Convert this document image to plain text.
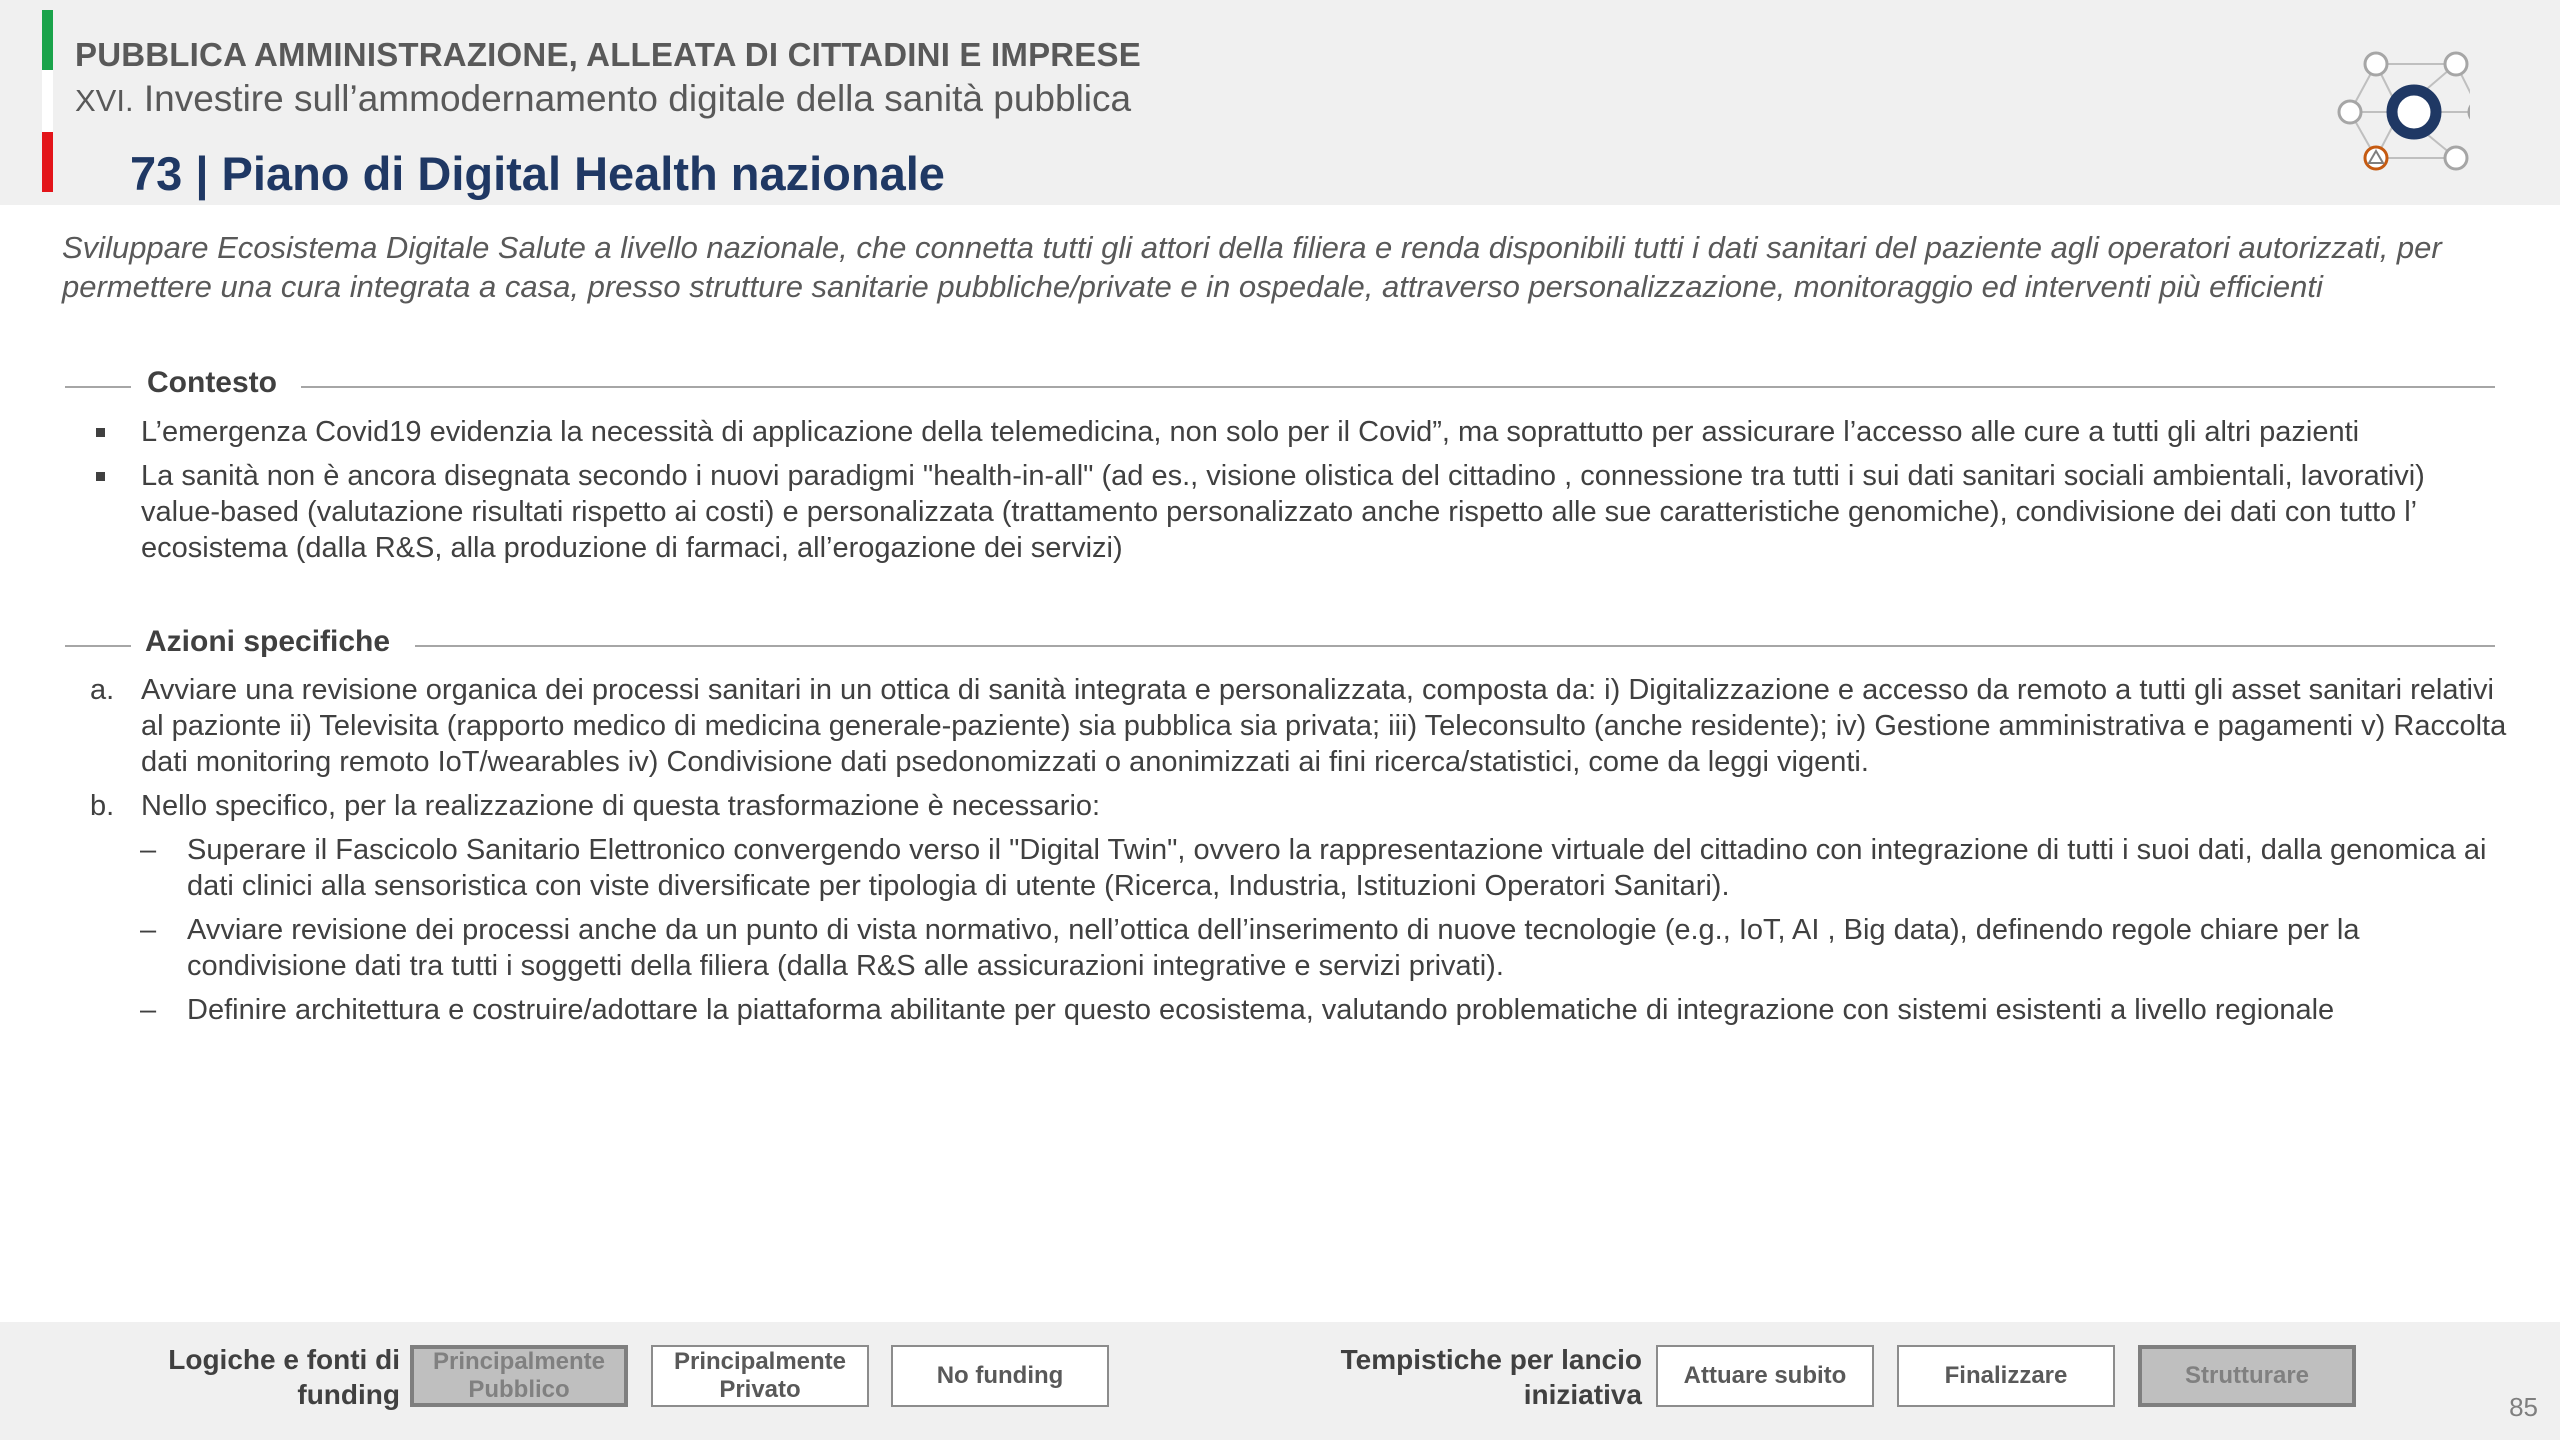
PUBBLICA AMMINISTRAZIONE, ALLEATA DI CITTADINI E IMPRESE
XVI. Investire sull’ammodernamento digitale della sanità pubblica
73 | Piano di Digital Health nazionale
Sviluppare Ecosistema Digitale Salute a livello nazionale, che connetta tutti gli attori della filiera e renda disponibili tutti i dati sanitari del paziente agli operatori autorizzati, per permettere una cura integrata a casa, presso strutture sanitarie pubbliche/private e in ospedale, attraverso personalizzazione, monitoraggio ed interventi più efficienti
Contesto
L’emergenza Covid19 evidenzia la necessità di applicazione della telemedicina, non solo per il Covid”, ma soprattutto per assicurare l’accesso alle cure a tutti gli altri pazienti
La sanità non è ancora disegnata secondo i nuovi paradigmi "health-in-all" (ad es., visione olistica del cittadino , connessione tra tutti i sui dati sanitari sociali ambientali, lavorativi) value-based (valutazione risultati rispetto ai costi) e personalizzata (trattamento personalizzato anche rispetto alle sue caratteristiche genomiche), condivisione dei dati con tutto l’ ecosistema (dalla R&S, alla produzione di farmaci, all’erogazione dei servizi)
Azioni specifiche
a. Avviare una revisione organica dei processi sanitari in un ottica di sanità integrata e personalizzata, composta da: i) Digitalizzazione e accesso da remoto a tutti gli asset sanitari relativi al pazionte ii) Televisita (rapporto medico di medicina generale-paziente) sia pubblica sia privata; iii) Teleconsulto (anche residente); iv) Gestione amministrativa e pagamenti v) Raccolta dati monitoring remoto IoT/wearables iv) Condivisione dati psedonomizzati o anonimizzati ai fini ricerca/statistici, come da leggi vigenti.
b. Nello specifico, per la realizzazione di questa trasformazione è necessario:
– Superare il Fascicolo Sanitario Elettronico convergendo verso il "Digital Twin", ovvero la rappresentazione virtuale del cittadino con integrazione di tutti i suoi dati, dalla genomica ai dati clinici alla sensoristica con viste diversificate per tipologia di utente (Ricerca, Industria, Istituzioni Operatori Sanitari).
– Avviare revisione dei processi anche da un punto di vista normativo, nell’ottica dell’inserimento di nuove tecnologie (e.g., IoT, AI , Big data), definendo regole chiare per la condivisione dati tra tutti i soggetti della filiera (dalla R&S alle assicurazioni integrative e servizi privati).
– Definire architettura e costruire/adottare la piattaforma abilitante per questo ecosistema, valutando problematiche di integrazione con sistemi esistenti a livello regionale
Logiche e fonti di
funding
Principalmente
Pubblico
Principalmente
Privato
No funding
Tempistiche per lancio
iniziativa
Attuare subito	Finalizzare	Strutturare
85
